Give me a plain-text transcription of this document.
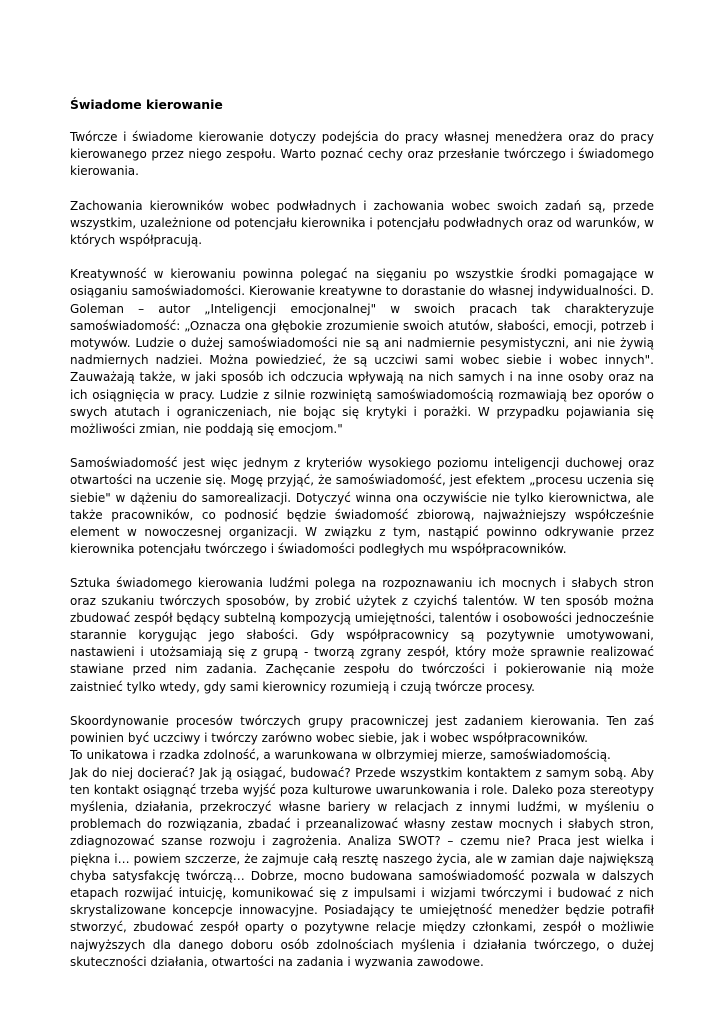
Świadome kierowanie

Twórcze i świadome kierowanie dotyczy podejścia do pracy własnej menedżera oraz do pracy kierowanego przez niego zespołu. Warto poznać cechy oraz przesłanie twórczego i świadomego kierowania.

Zachowania kierowników wobec podwładnych i zachowania wobec swoich zadań są, przede wszystkim, uzależnione od potencjału kierownika i potencjału podwładnych oraz od warunków, w których współpracują.

Kreatywność w kierowaniu powinna polegać na sięganiu po wszystkie środki pomagające w osiąganiu samoświadomości. Kierowanie kreatywne to dorastanie do własnej indywidualności. D. Goleman – autor „Inteligencji emocjonalnej" w swoich pracach tak charakteryzuje samoświadomość: „Oznacza ona głębokie zrozumienie swoich atutów, słabości, emocji, potrzeb i motywów. Ludzie o dużej samoświadomości nie są ani nadmiernie pesymistyczni, ani nie żywią nadmiernych nadziei. Można powiedzieć, że są uczciwi sami wobec siebie i wobec innych". Zauważają także, w jaki sposób ich odczucia wpływają na nich samych i na inne osoby oraz na ich osiągnięcia w pracy. Ludzie z silnie rozwiniętą samoświadomością rozmawiają bez oporów o swych atutach i ograniczeniach, nie bojąc się krytyki i porażki. W przypadku pojawiania się możliwości zmian, nie poddają się emocjom."

Samoświadomość jest więc jednym z kryteriów wysokiego poziomu inteligencji duchowej oraz otwartości na uczenie się. Mogę przyjąć, że samoświadomość, jest efektem „procesu uczenia się siebie" w dążeniu do samorealizacji. Dotyczyć winna ona oczywiście nie tylko kierownictwa, ale także pracowników, co podnosić będzie świadomość zbiorową, najważniejszy współcześnie element w nowoczesnej organizacji. W związku z tym, nastąpić powinno odkrywanie przez kierownika potencjału twórczego i świadomości podległych mu współpracowników.

Sztuka świadomego kierowania ludźmi polega na rozpoznawaniu ich mocnych i słabych stron oraz szukaniu twórczych sposobów, by zrobić użytek z czyichś talentów. W ten sposób można zbudować zespół będący subtelną kompozycją umiejętności, talentów i osobowości jednocześnie starannie korygując jego słabości. Gdy współpracownicy są pozytywnie umotywowani, nastawieni i utożsamiają się z grupą - tworzą zgrany zespół, który może sprawnie realizować stawiane przed nim zadania. Zachęcanie zespołu do twórczości i pokierowanie nią może zaistnieć tylko wtedy, gdy sami kierownicy rozumieją i czują twórcze procesy.

Skoordynowanie procesów twórczych grupy pracowniczej jest zadaniem kierowania. Ten zaś powinien być uczciwy i twórczy zarówno wobec siebie, jak i wobec współpracowników.

To unikatowa i rzadka zdolność, a warunkowana w olbrzymiej mierze, samoświadomością.

Jak do niej docierać? Jak ją osiągać, budować? Przede wszystkim kontaktem z samym sobą. Aby ten kontakt osiągnąć trzeba wyjść poza kulturowe uwarunkowania i role. Daleko poza stereotypy myślenia, działania, przekroczyć własne bariery w relacjach z innymi ludźmi, w myśleniu o problemach do rozwiązania, zbadać i przeanalizować własny zestaw mocnych i słabych stron, zdiagnozować szanse rozwoju i zagrożenia. Analiza SWOT? – czemu nie? Praca jest wielka i piękna i… powiem szczerze, że zajmuje całą resztę naszego życia, ale w zamian daje największą chyba satysfakcję twórczą… Dobrze, mocno budowana samoświadomość pozwala w dalszych etapach rozwijać intuicję, komunikować się z impulsami i wizjami twórczymi i budować z nich skrystalizowane koncepcje innowacyjne. Posiadający te umiejętność menedżer będzie potrafił stworzyć, zbudować zespół oparty o pozytywne relacje między członkami, zespół o możliwie najwyższych dla danego doboru osób zdolnościach myślenia i działania twórczego, o dużej skuteczności działania, otwartości na zadania i wyzwania zawodowe.
